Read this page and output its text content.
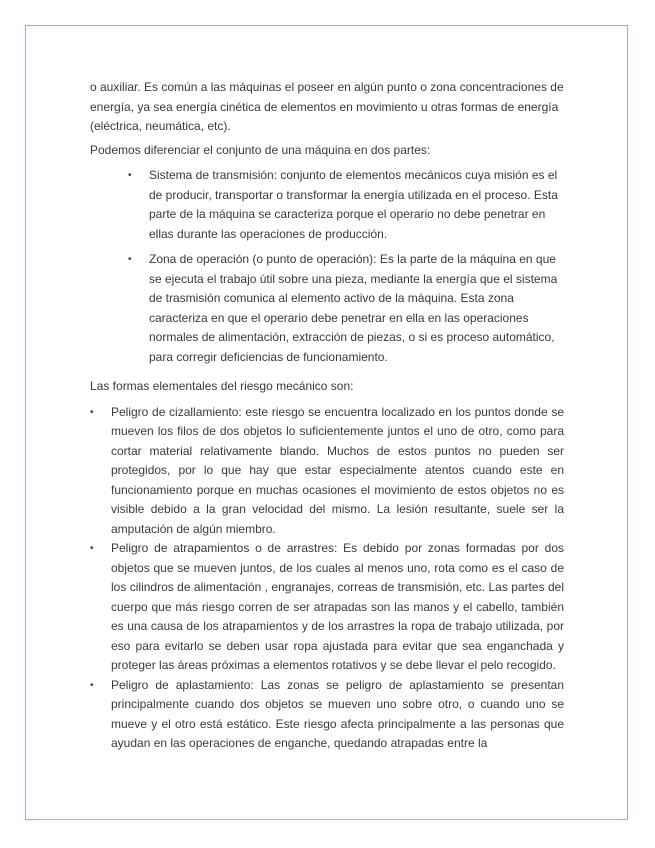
o auxiliar. Es común a las máquinas el poseer en algún punto o zona concentraciones de energía, ya sea energía cinética de elementos en movimiento u otras formas de energía (eléctrica, neumática, etc).

Podemos diferenciar el conjunto de una máquina en dos partes:

• Sistema de transmisión: conjunto de elementos mecánicos cuya misión es el de producir, transportar o transformar la energía utilizada en el proceso. Esta parte de la máquina se caracteriza porque el operario no debe penetrar en ellas durante las operaciones de producción.
• Zona de operación (o punto de operación): Es la parte de la máquina en que se ejecuta el trabajo útil sobre una pieza, mediante la energía que el sistema de trasmisión comunica al elemento activo de la máquina. Esta zona caracteriza en que el operario debe penetrar en ella en las operaciones normales de alimentación, extracción de piezas, o si es proceso automático, para corregir deficiencias de funcionamiento.

Las formas elementales del riesgo mecánico son:

• Peligro de cizallamiento: este riesgo se encuentra localizado en los puntos donde se mueven los filos de dos objetos lo suficientemente juntos el uno de otro, como para cortar material relativamente blando. Muchos de estos puntos no pueden ser protegidos, por lo que hay que estar especialmente atentos cuando este en funcionamiento porque en muchas ocasiones el movimiento de estos objetos no es visible debido a la gran velocidad del mismo. La lesión resultante, suele ser la amputación de algún miembro.
• Peligro de atrapamientos o de arrastres: Es debido por zonas formadas por dos objetos que se mueven juntos, de los cuales al menos uno, rota como es el caso de los cilindros de alimentación , engranajes, correas de transmisión, etc. Las partes del cuerpo que más riesgo corren de ser atrapadas son las manos y el cabello, también es una causa de los atrapamientos y de los arrastres la ropa de trabajo utilizada, por eso para evitarlo se deben usar ropa ajustada para evitar que sea enganchada y proteger las áreas próximas a elementos rotativos y se debe llevar el pelo recogido.
• Peligro de aplastamiento: Las zonas se peligro de aplastamiento se presentan principalmente cuando dos objetos se mueven uno sobre otro, o cuando uno se mueve y el otro está estático. Este riesgo afecta principalmente a las personas que ayudan en las operaciones de enganche, quedando atrapadas entre la
